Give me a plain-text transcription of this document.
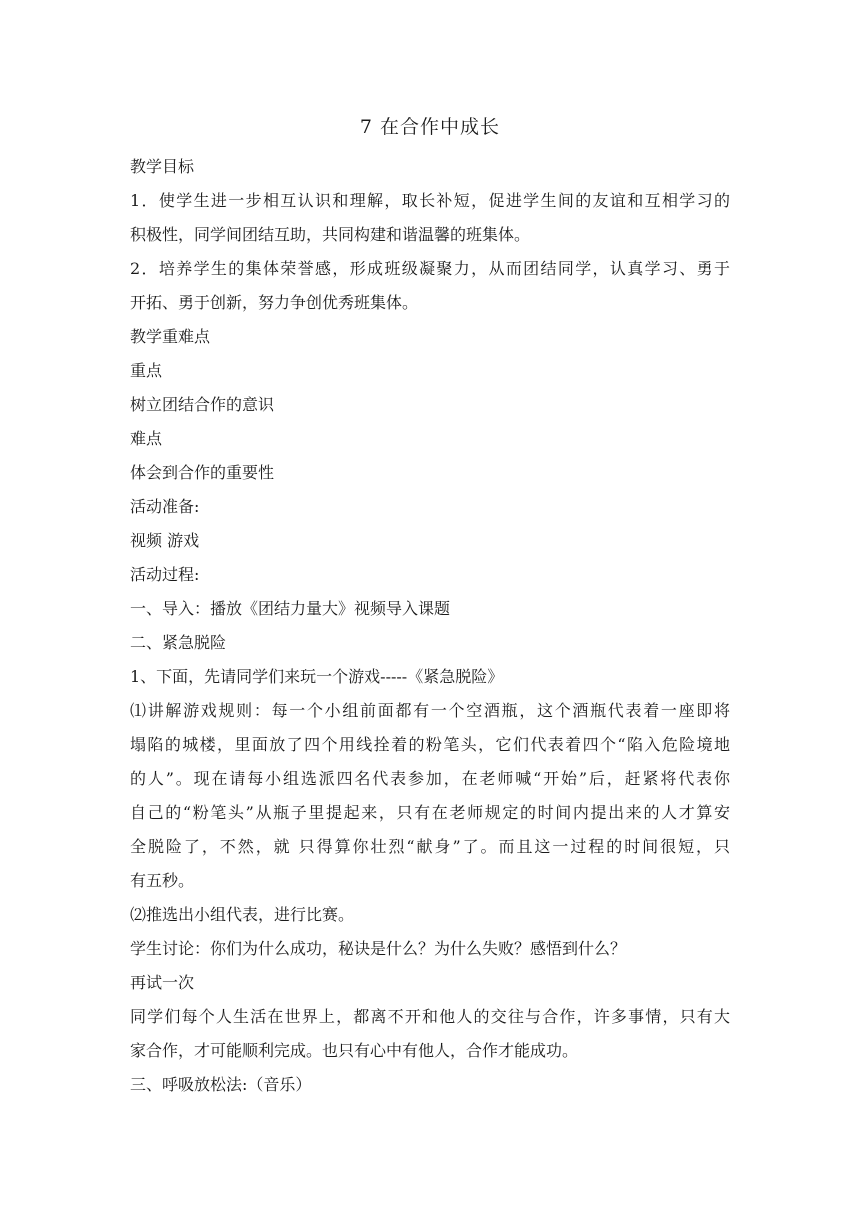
7 在合作中成长
教学目标
1．使学生进一步相互认识和理解，取长补短，促进学生间的友谊和互相学习的
积极性，同学间团结互助，共同构建和谐温馨的班集体。
2．培养学生的集体荣誉感，形成班级凝聚力，从而团结同学，认真学习、勇于
开拓、勇于创新，努力争创优秀班集体。
教学重难点
重点
树立团结合作的意识
难点
体会到合作的重要性
活动准备:
视频 游戏
活动过程:
一、导入：播放《团结力量大》视频导入课题
二、紧急脱险
1、下面，先请同学们来玩一个游戏-----《紧急脱险》
⑴讲解游戏规则：每一个小组前面都有一个空酒瓶，这个酒瓶代表着一座即将
塌陷的城楼，里面放了四个用线拴着的粉笔头，它们代表着四个“陷入危险境地
的人”。现在请每小组选派四名代表参加，在老师喊“开始”后，赶紧将代表你
自己的“粉笔头”从瓶子里提起来，只有在老师规定的时间内提出来的人才算安
全脱险了，不然，就 只得算你壮烈“献身”了。而且这一过程的时间很短，只
有五秒。
⑵推选出小组代表，进行比赛。
学生讨论：你们为什么成功，秘诀是什么？为什么失败？感悟到什么？
再试一次
同学们每个人生活在世界上，都离不开和他人的交往与合作，许多事情，只有大
家合作，才可能顺利完成。也只有心中有他人，合作才能成功。
三、呼吸放松法:（音乐）
